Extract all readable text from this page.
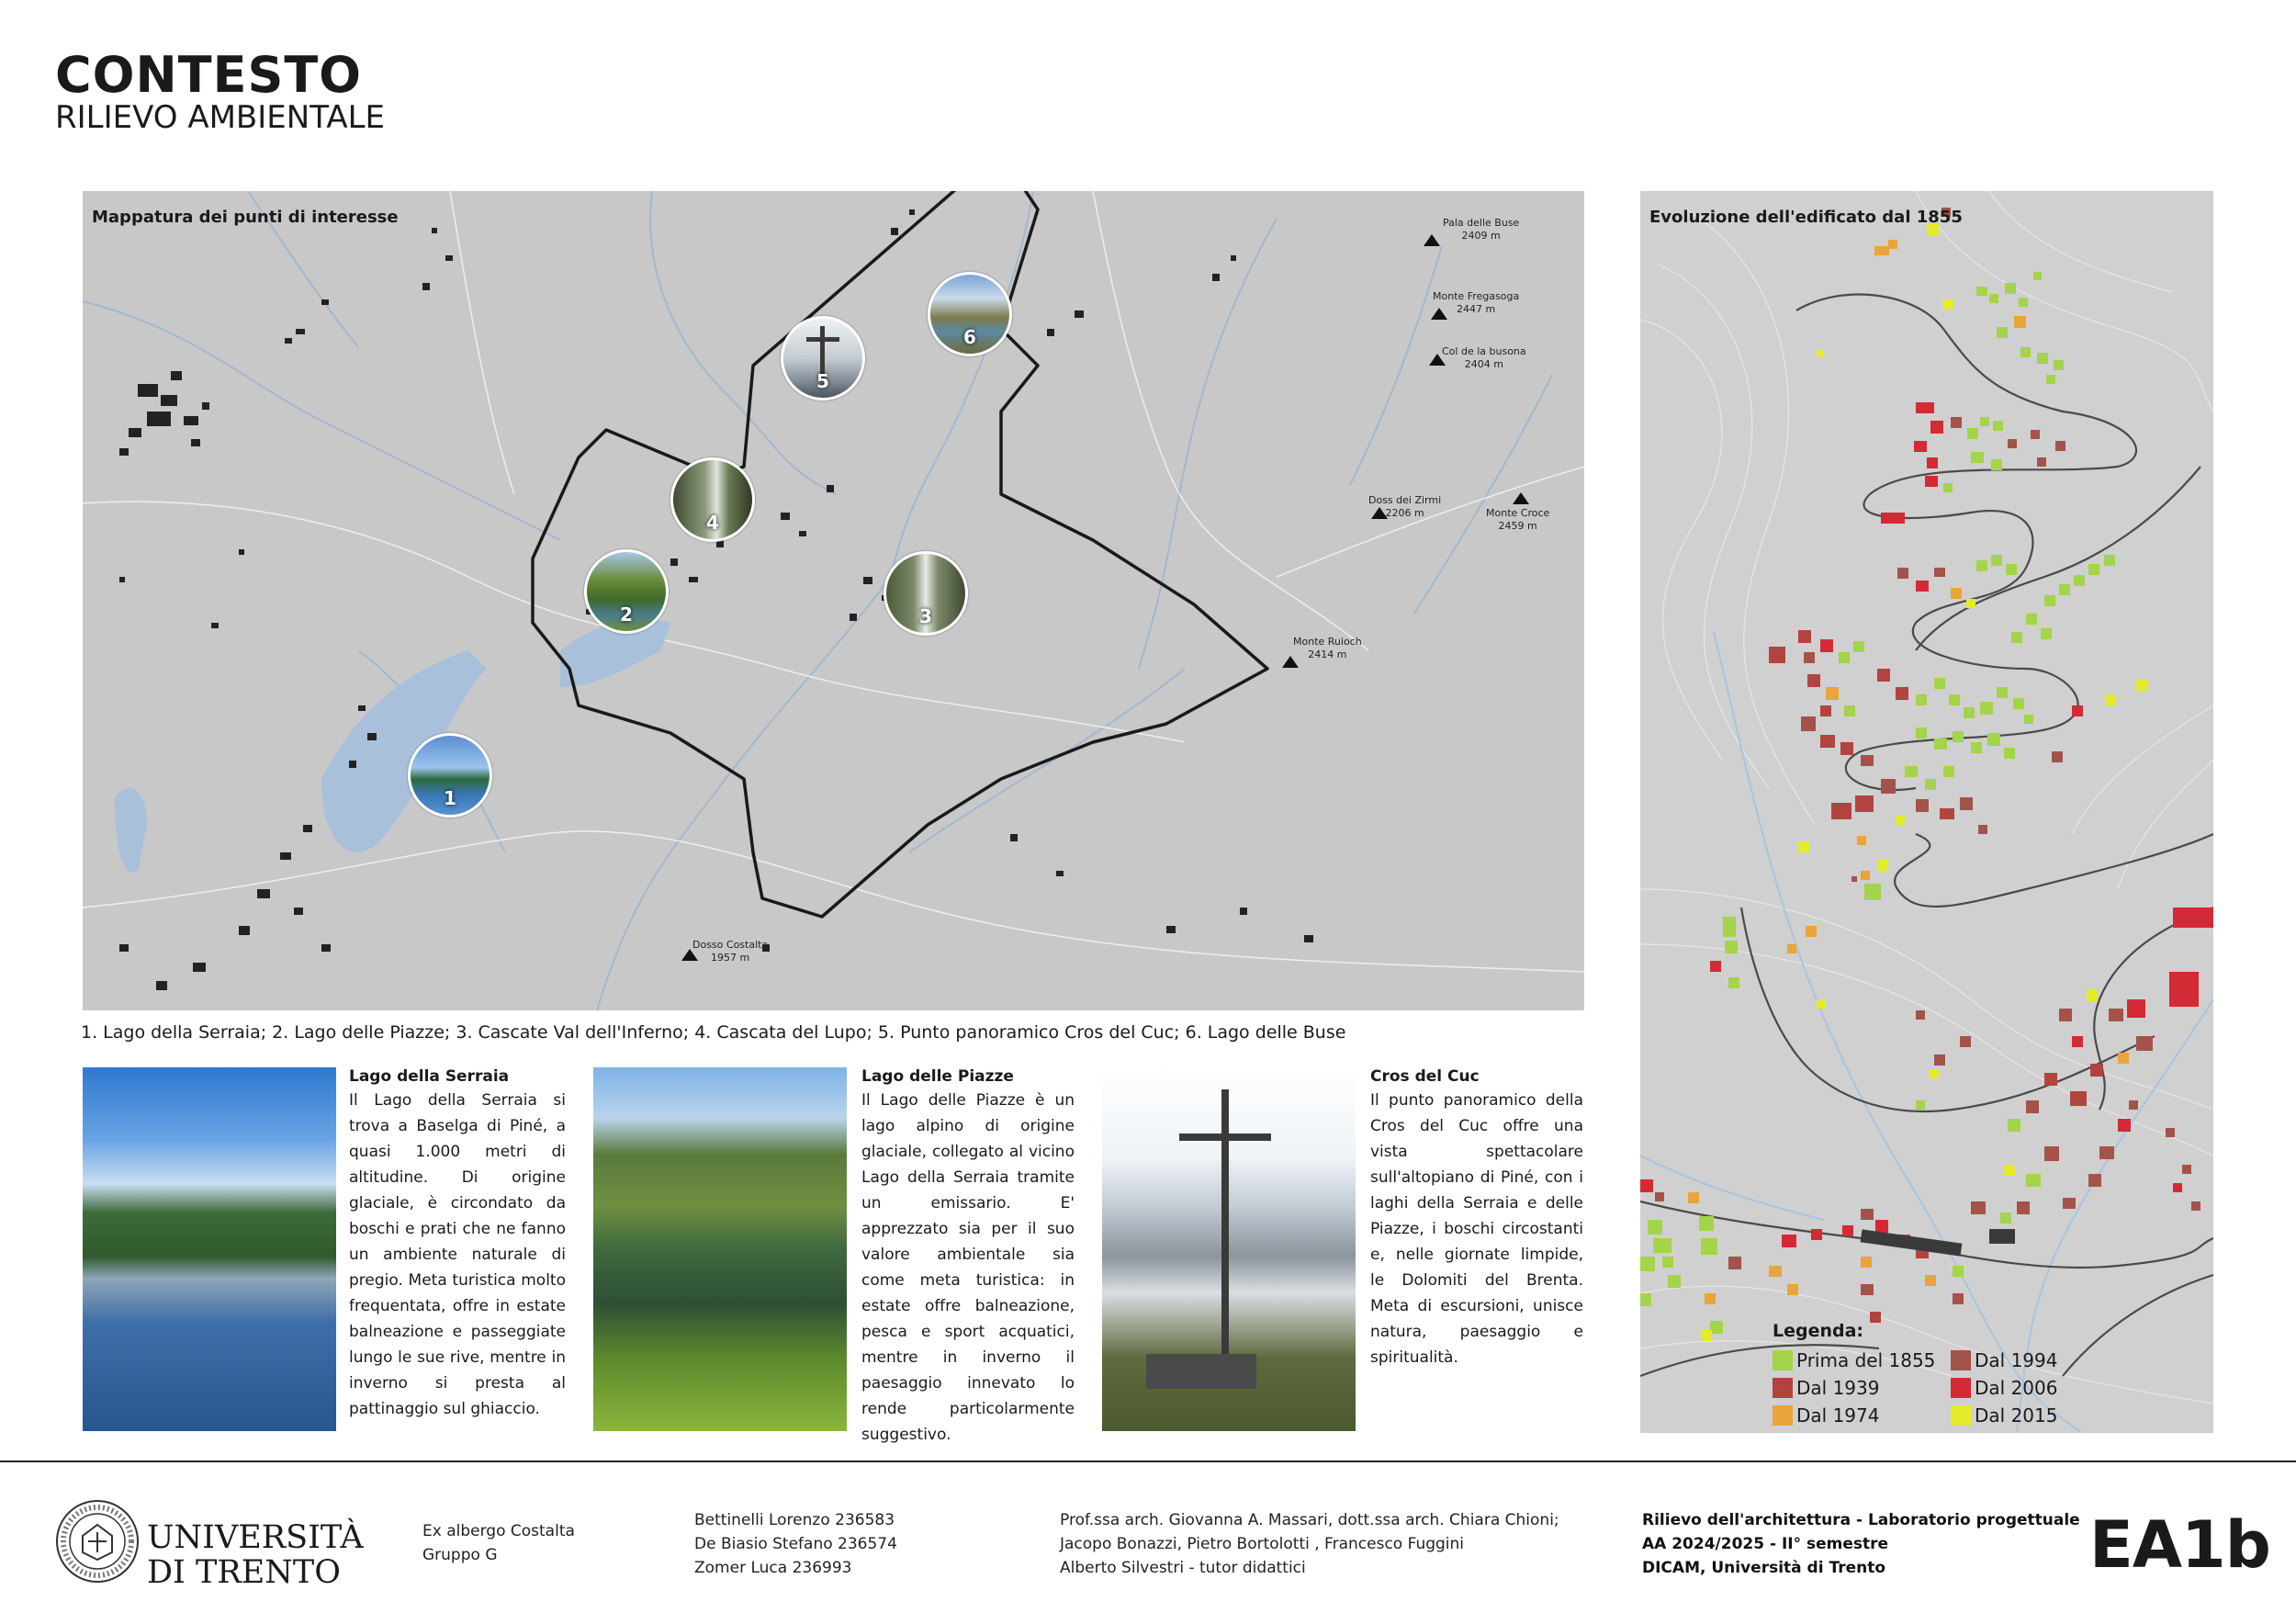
CONTESTO
RILIEVO AMBIENTALE
Pala delle Buse
2409 m
Monte Fregasoga
2447 m
Col de la busona
2404 m
Doss dei Zirmi
2206 m	Monte Croce
2459 m
Monte Ruioch
2414 m
Dosso Costalta
1957 m
1
2	3
4
5
6
Mappatura dei punti di interesse
1. Lago della Serraia; 2. Lago delle Piazze; 3. Cascate Val dell'Inferno; 4. Cascata del Lupo; 5. Punto panoramico Cros del Cuc; 6. Lago delle Buse
Lago della Serraia
Il Lago della Serraia si trova a Baselga di Piné, a quasi 1.000 metri di altitudine. Di origine glaciale, è circondato da boschi e prati che ne fanno un ambiente naturale di pregio. Meta turistica molto frequentata, offre in estate balneazione e passeggiate lungo le sue rive, mentre in inverno si presta al pattinaggio sul ghiaccio.
Lago delle Piazze
Il Lago delle Piazze è un lago alpino di origine glaciale, collegato al vicino Lago della Serraia tramite un emissario. E' apprezzato sia per il suo valore ambientale sia come meta turistica: in estate offre balneazione, pesca e sport acquatici, mentre in inverno il paesaggio innevato lo rende particolarmente suggestivo.
Cros del Cuc
Il punto panoramico della Cros del Cuc offre una vista spettacolare sull'altopiano di Piné, con i laghi della Serraia e delle Piazze, i boschi circostanti e, nelle giornate limpide, le Dolomiti del Brenta. Meta di escursioni, unisce natura, paesaggio e spiritualità.
Evoluzione dell'edificato dal 1855
Legenda:
Prima del 1855
Dal 1939
Dal 1974
Dal 1994
Dal 2006
Dal 2015
UNIVERSITÀ
DI TRENTO
Ex albergo Costalta
Gruppo G
Bettinelli Lorenzo 236583
De Biasio Stefano 236574
Zomer Luca 236993
Prof.ssa arch. Giovanna A. Massari, dott.ssa arch. Chiara Chioni;
Jacopo Bonazzi, Pietro Bortolotti , Francesco Fuggini
Alberto Silvestri - tutor didattici
Rilievo dell'architettura - Laboratorio progettuale
AA 2024/2025 - II° semestre
DICAM, Università di Trento	EA1b
